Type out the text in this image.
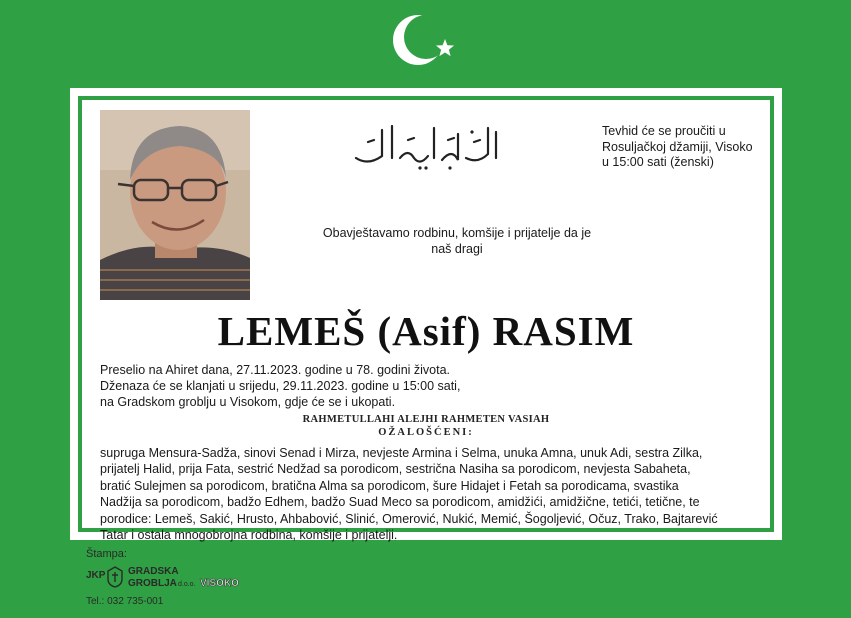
Tevhid će se proučiti u
Rosuljačkoj džamiji, Visoko
u 15:00 sati (ženski)
Obavještavamo rodbinu, komšije i prijatelje da je
naš dragi
LEMEŠ (Asif) RASIM
Preselio na Ahiret dana, 27.11.2023. godine u 78. godini života.
Dženaza će se klanjati u srijedu, 29.11.2023. godine u 15:00 sati,
na Gradskom groblju u Visokom, gdje će se i ukopati.
RAHMETULLAHI ALEJHI RAHMETEN VASIAH
OŽALOŠĆENI:
supruga Mensura-Sadža, sinovi Senad i Mirza, nevjeste Armina i Selma, unuka Amna, unuk Adi, sestra Zilka,
prijatelj Halid, prija Fata, sestrić Nedžad sa porodicom, sestrična Nasiha sa porodicom, nevjesta Sabaheta,
bratić Sulejmen sa porodicom, bratična Alma sa porodicom, šure Hidajet i Fetah sa porodicama, svastika
Nadžija sa porodicom, badžo Edhem, badžo Suad Meco sa porodicom, amidžići, amidžične, tetići, tetične, te
porodice: Lemeš, Sakić, Hrusto, Ahbabović, Slinić, Omerović, Nukić, Memić, Šogoljević, Očuz, Trako, Bajtarević
Tatar i ostala mnogobrojna rodbina, komšije i prijatelji.
Štampa:
JKP GRADSKA
GROBLJA d.o.o. VISOKO
Tel.: 032 735-001
